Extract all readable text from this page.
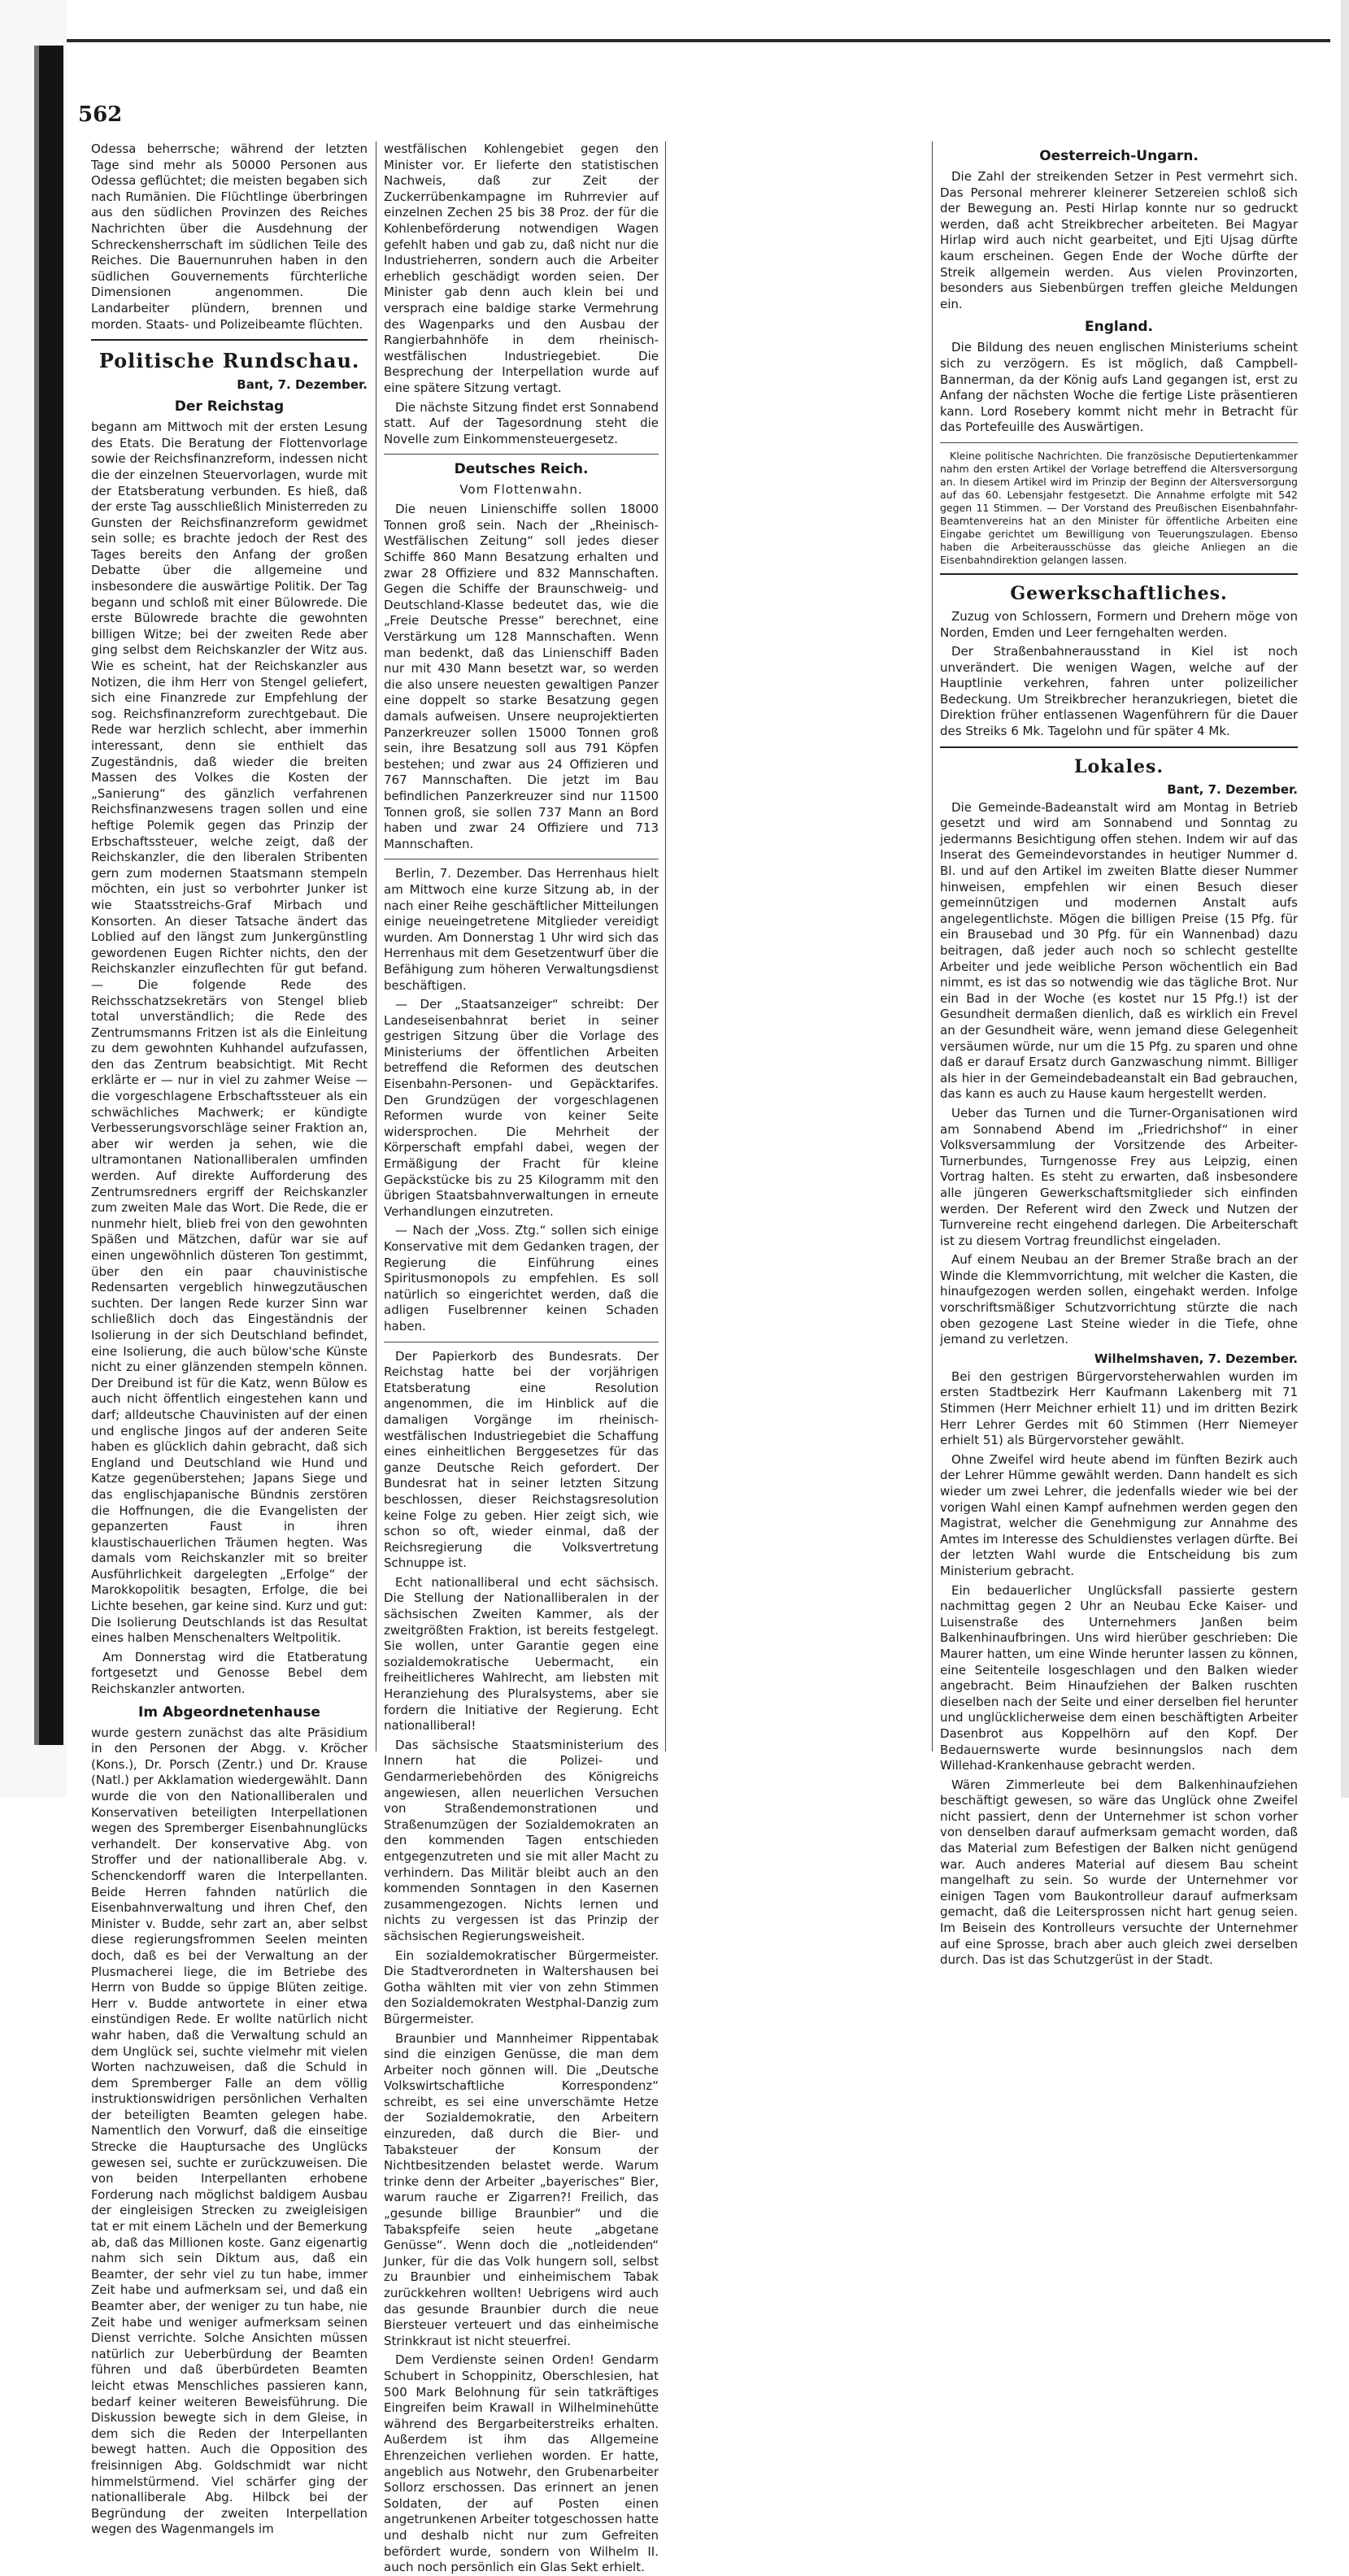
562

Odessa beherrsche; während der letzten Tage sind mehr als 50000 Personen aus Odessa geflüchtet; die meisten begaben sich nach Rumänien. Die Flüchtlinge überbringen aus den südlichen Provinzen des Reiches Nachrichten über die Ausdehnung der Schreckensherrschaft im südlichen Teile des Reiches. Die Bauernunruhen haben in den südlichen Gouvernements fürchterliche Dimensionen angenommen. Die Landarbeiter plündern, brennen und morden. Staats- und Polizeibeamte flüchten.

Politische Rundschau.
Bant, 7. Dezember.
Der Reichstag

begann am Mittwoch mit der ersten Lesung des Etats. Die Beratung der Flottenvorlage sowie der Reichsfinanzreform, indessen nicht die der einzelnen Steuervorlagen, wurde mit der Etatsberatung verbunden. Es hieß, daß der erste Tag ausschließlich Ministerreden zu Gunsten der Reichsfinanzreform gewidmet sein solle; es brachte jedoch der Rest des Tages bereits den Anfang der großen Debatte über die allgemeine und insbesondere die auswärtige Politik. Der Tag begann und schloß mit einer Bülowrede. Die erste Bülowrede brachte die gewohnten billigen Witze; bei der zweiten Rede aber ging selbst dem Reichskanzler der Witz aus. Wie es scheint, hat der Reichskanzler aus Notizen, die ihm Herr von Stengel geliefert, sich eine Finanzrede zur Empfehlung der sog. Reichsfinanzreform zurechtgebaut. Die Rede war herzlich schlecht, aber immerhin interessant, denn sie enthielt das Zugeständnis, daß wieder die breiten Massen des Volkes die Kosten der „Sanierung“ des gänzlich verfahrenen Reichsfinanzwesens tragen sollen und eine heftige Polemik gegen das Prinzip der Erbschaftssteuer, welche zeigt, daß der Reichskanzler, die den liberalen Stribenten gern zum modernen Staatsmann stempeln möchten, ein just so verbohrter Junker ist wie Staatsstreichs-Graf Mirbach und Konsorten. An dieser Tatsache ändert das Loblied auf den längst zum Junkergünstling gewordenen Eugen Richter nichts, den der Reichskanzler einzuflechten für gut befand. — Die folgende Rede des Reichsschatzsekretärs von Stengel blieb total unverständlich; die Rede des Zentrumsmanns Fritzen ist als die Einleitung zu dem gewohnten Kuhhandel aufzufassen, den das Zentrum beabsichtigt. Mit Recht erklärte er — nur in viel zu zahmer Weise — die vorgeschlagene Erbschaftssteuer als ein schwächliches Machwerk; er kündigte Verbesserungsvorschläge seiner Fraktion an, aber wir werden ja sehen, wie die ultramontanen Nationalliberalen umfinden werden. Auf direkte Aufforderung des Zentrumsredners ergriff der Reichskanzler zum zweiten Male das Wort. Die Rede, die er nunmehr hielt, blieb frei von den gewohnten Späßen und Mätzchen, dafür war sie auf einen ungewöhnlich düsteren Ton gestimmt, über den ein paar chauvinistische Redensarten vergeblich hinwegzutäuschen suchten. Der langen Rede kurzer Sinn war schließlich doch das Eingeständnis der Isolierung in der sich Deutschland befindet, eine Isolierung, die auch bülow'sche Künste nicht zu einer glänzenden stempeln können. Der Dreibund ist für die Katz, wenn Bülow es auch nicht öffentlich eingestehen kann und darf; alldeutsche Chauvinisten auf der einen und englische Jingos auf der anderen Seite haben es glücklich dahin gebracht, daß sich England und Deutschland wie Hund und Katze gegenüberstehen; Japans Siege und das englischjapanische Bündnis zerstören die Hoffnungen, die die Evangelisten der gepanzerten Faust in ihren klaustischauerlichen Träumen hegten. Was damals vom Reichskanzler mit so breiter Ausführlichkeit dargelegten „Erfolge“ der Marokkopolitik besagten, Erfolge, die bei Lichte besehen, gar keine sind. Kurz und gut: Die Isolierung Deutschlands ist das Resultat eines halben Menschenalters Weltpolitik.

Am Donnerstag wird die Etatberatung fortgesetzt und Genosse Bebel dem Reichskanzler antworten.

Im Abgeordnetenhause

wurde gestern zunächst das alte Präsidium in den Personen der Abgg. v. Kröcher (Kons.), Dr. Porsch (Zentr.) und Dr. Krause (Natl.) per Akklamation wiedergewählt. Dann wurde die von den Nationalliberalen und Konservativen beteiligten Interpellationen wegen des Spremberger Eisenbahnunglücks verhandelt. Der konservative Abg. von Stroffer und der nationalliberale Abg. v. Schenckendorff waren die Interpellanten. Beide Herren fahnden natürlich die Eisenbahnverwaltung und ihren Chef, den Minister v. Budde, sehr zart an, aber selbst diese regierungsfrommen Seelen meinten doch, daß es bei der Verwaltung an der Plusmacherei liege, die im Betriebe des Herrn von Budde so üppige Blüten zeitige. Herr v. Budde antwortete in einer etwa einstündigen Rede. Er wollte natürlich nicht wahr haben, daß die Verwaltung schuld an dem Unglück sei, suchte vielmehr mit vielen Worten nachzuweisen, daß die Schuld in dem Spremberger Falle an dem völlig instruktionswidrigen persönlichen Verhalten der beteiligten Beamten gelegen habe. Namentlich den Vorwurf, daß die einseitige Strecke die Hauptursache des Unglücks gewesen sei, suchte er zurückzuweisen. Die von beiden Interpellanten erhobene Forderung nach möglichst baldigem Ausbau der eingleisigen Strecken zu zweigleisigen tat er mit einem Lächeln und der Bemerkung ab, daß das Millionen koste. Ganz eigenartig nahm sich sein Diktum aus, daß ein Beamter, der sehr viel zu tun habe, immer Zeit habe und aufmerksam sei, und daß ein Beamter aber, der weniger zu tun habe, nie Zeit habe und weniger aufmerksam seinen Dienst verrichte. Solche Ansichten müssen natürlich zur Ueberbürdung der Beamten führen und daß überbürdeten Beamten leicht etwas Menschliches passieren kann, bedarf keiner weiteren Beweisführung. Die Diskussion bewegte sich in dem Gleise, in dem sich die Reden der Interpellanten bewegt hatten. Auch die Opposition des freisinnigen Abg. Goldschmidt war nicht himmelstürmend. Viel schärfer ging der nationalliberale Abg. Hilbck bei der Begründung der zweiten Interpellation wegen des Wagenmangels im

westfälischen Kohlengebiet gegen den Minister vor. Er lieferte den statistischen Nachweis, daß zur Zeit der Zuckerrübenkampagne im Ruhrrevier auf einzelnen Zechen 25 bis 38 Proz. der für die Kohlenbeförderung notwendigen Wagen gefehlt haben und gab zu, daß nicht nur die Industrieherren, sondern auch die Arbeiter erheblich geschädigt worden seien. Der Minister gab denn auch klein bei und versprach eine baldige starke Vermehrung des Wagenparks und den Ausbau der Rangierbahnhöfe in dem rheinisch-westfälischen Industriegebiet. Die Besprechung der Interpellation wurde auf eine spätere Sitzung vertagt.

Die nächste Sitzung findet erst Sonnabend statt. Auf der Tagesordnung steht die Novelle zum Einkommensteuergesetz.

Deutsches Reich.
Vom Flottenwahn.

Die neuen Linienschiffe sollen 18000 Tonnen groß sein. Nach der „Rheinisch-Westfälischen Zeitung“ soll jedes dieser Schiffe 860 Mann Besatzung erhalten und zwar 28 Offiziere und 832 Mannschaften. Gegen die Schiffe der Braunschweig- und Deutschland-Klasse bedeutet das, wie die „Freie Deutsche Presse“ berechnet, eine Verstärkung um 128 Mannschaften. Wenn man bedenkt, daß das Linienschiff Baden nur mit 430 Mann besetzt war, so werden die also unsere neuesten gewaltigen Panzer eine doppelt so starke Besatzung gegen damals aufweisen. Unsere neuprojektierten Panzerkreuzer sollen 15000 Tonnen groß sein, ihre Besatzung soll aus 791 Köpfen bestehen; und zwar aus 24 Offizieren und 767 Mannschaften. Die jetzt im Bau befindlichen Panzerkreuzer sind nur 11500 Tonnen groß, sie sollen 737 Mann an Bord haben und zwar 24 Offiziere und 713 Mannschaften.

Berlin, 7. Dezember. Das Herrenhaus hielt am Mittwoch eine kurze Sitzung ab, in der nach einer Reihe geschäftlicher Mitteilungen einige neueingetretene Mitglieder vereidigt wurden. Am Donnerstag 1 Uhr wird sich das Herrenhaus mit dem Gesetzentwurf über die Befähigung zum höheren Verwaltungsdienst beschäftigen.

— Der „Staatsanzeiger“ schreibt: Der Landeseisenbahnrat beriet in seiner gestrigen Sitzung über die Vorlage des Ministeriums der öffentlichen Arbeiten betreffend die Reformen des deutschen Eisenbahn-Personen- und Gepäcktarifes. Den Grundzügen der vorgeschlagenen Reformen wurde von keiner Seite widersprochen. Die Mehrheit der Körperschaft empfahl dabei, wegen der Ermäßigung der Fracht für kleine Gepäckstücke bis zu 25 Kilogramm mit den übrigen Staatsbahnverwaltungen in erneute Verhandlungen einzutreten.

— Nach der „Voss. Ztg.“ sollen sich einige Konservative mit dem Gedanken tragen, der Regierung die Einführung eines Spiritusmonopols zu empfehlen. Es soll natürlich so eingerichtet werden, daß die adligen Fuselbrenner keinen Schaden haben.

Der Papierkorb des Bundesrats. Der Reichstag hatte bei der vorjährigen Etatsberatung eine Resolution angenommen, die im Hinblick auf die damaligen Vorgänge im rheinisch-westfälischen Industriegebiet die Schaffung eines einheitlichen Berggesetzes für das ganze Deutsche Reich gefordert. Der Bundesrat hat in seiner letzten Sitzung beschlossen, dieser Reichstagsresolution keine Folge zu geben. Hier zeigt sich, wie schon so oft, wieder einmal, daß der Reichsregierung die Volksvertretung Schnuppe ist.

Echt nationalliberal und echt sächsisch. Die Stellung der Nationalliberalen in der sächsischen Zweiten Kammer, als der zweitgrößten Fraktion, ist bereits festgelegt. Sie wollen, unter Garantie gegen eine sozialdemokratische Uebermacht, ein freiheitlicheres Wahlrecht, am liebsten mit Heranziehung des Pluralsystems, aber sie fordern die Initiative der Regierung. Echt nationalliberal!

Das sächsische Staatsministerium des Innern hat die Polizei- und Gendarmeriebehörden des Königreichs angewiesen, allen neuerlichen Versuchen von Straßendemonstrationen und Straßenumzügen der Sozialdemokraten an den kommenden Tagen entschieden entgegenzutreten und sie mit aller Macht zu verhindern. Das Militär bleibt auch an den kommenden Sonntagen in den Kasernen zusammengezogen. Nichts lernen und nichts zu vergessen ist das Prinzip der sächsischen Regierungsweisheit.

Ein sozialdemokratischer Bürgermeister. Die Stadtverordneten in Waltershausen bei Gotha wählten mit vier von zehn Stimmen den Sozialdemokraten Westphal-Danzig zum Bürgermeister.

Braunbier und Mannheimer Rippentabak sind die einzigen Genüsse, die man dem Arbeiter noch gönnen will. Die „Deutsche Volkswirtschaftliche Korrespondenz“ schreibt, es sei eine unverschämte Hetze der Sozialdemokratie, den Arbeitern einzureden, daß durch die Bier- und Tabaksteuer der Konsum der Nichtbesitzenden belastet werde. Warum trinke denn der Arbeiter „bayerisches“ Bier, warum rauche er Zigarren?! Freilich, das „gesunde billige Braunbier“ und die Tabakspfeife seien heute „abgetane Genüsse“. Wenn doch die „notleidenden“ Junker, für die das Volk hungern soll, selbst zu Braunbier und einheimischem Tabak zurückkehren wollten! Uebrigens wird auch das gesunde Braunbier durch die neue Biersteuer verteuert und das einheimische Strinkkraut ist nicht steuerfrei.

Dem Verdienste seinen Orden! Gendarm Schubert in Schoppinitz, Oberschlesien, hat 500 Mark Belohnung für sein tatkräftiges Eingreifen beim Krawall in Wilhelminehütte während des Bergarbeiterstreiks erhalten. Außerdem ist ihm das Allgemeine Ehrenzeichen verliehen worden. Er hatte, angeblich aus Notwehr, den Grubenarbeiter Sollorz erschossen. Das erinnert an jenen Soldaten, der auf Posten einen angetrunkenen Arbeiter totgeschossen hatte und deshalb nicht nur zum Gefreiten befördert wurde, sondern von Wilhelm II. auch noch persönlich ein Glas Sekt erhielt.

Oesterreich-Ungarn.

Die Zahl der streikenden Setzer in Pest vermehrt sich. Das Personal mehrerer kleinerer Setzereien schloß sich der Bewegung an. Pesti Hirlap konnte nur so gedruckt werden, daß acht Streikbrecher arbeiteten. Bei Magyar Hirlap wird auch nicht gearbeitet, und Ejti Ujsag dürfte kaum erscheinen. Gegen Ende der Woche dürfte der Streik allgemein werden. Aus vielen Provinzorten, besonders aus Siebenbürgen treffen gleiche Meldungen ein.

England.

Die Bildung des neuen englischen Ministeriums scheint sich zu verzögern. Es ist möglich, daß Campbell-Bannerman, da der König aufs Land gegangen ist, erst zu Anfang der nächsten Woche die fertige Liste präsentieren kann. Lord Rosebery kommt nicht mehr in Betracht für das Portefeuille des Auswärtigen.

Kleine politische Nachrichten. Die französische Deputiertenkammer nahm den ersten Artikel der Vorlage betreffend die Altersversorgung an. In diesem Artikel wird im Prinzip der Beginn der Altersversorgung auf das 60. Lebensjahr festgesetzt. Die Annahme erfolgte mit 542 gegen 11 Stimmen. — Der Vorstand des Preußischen Eisenbahnfahr-Beamtenvereins hat an den Minister für öffentliche Arbeiten eine Eingabe gerichtet um Bewilligung von Teuerungszulagen. Ebenso haben die Arbeiterausschüsse das gleiche Anliegen an die Eisenbahndirektion gelangen lassen.

Gewerkschaftliches.

Zuzug von Schlossern, Formern und Drehern möge von Norden, Emden und Leer ferngehalten werden.

Der Straßenbahnerausstand in Kiel ist noch unverändert. Die wenigen Wagen, welche auf der Hauptlinie verkehren, fahren unter polizeilicher Bedeckung. Um Streikbrecher heranzukriegen, bietet die Direktion früher entlassenen Wagenführern für die Dauer des Streiks 6 Mk. Tagelohn und für später 4 Mk.

Lokales.
Bant, 7. Dezember.

Die Gemeinde-Badeanstalt wird am Montag in Betrieb gesetzt und wird am Sonnabend und Sonntag zu jedermanns Besichtigung offen stehen. Indem wir auf das Inserat des Gemeindevorstandes in heutiger Nummer d. Bl. und auf den Artikel im zweiten Blatte dieser Nummer hinweisen, empfehlen wir einen Besuch dieser gemeinnützigen und modernen Anstalt aufs angelegentlichste. Mögen die billigen Preise (15 Pfg. für ein Brausebad und 30 Pfg. für ein Wannenbad) dazu beitragen, daß jeder auch noch so schlecht gestellte Arbeiter und jede weibliche Person wöchentlich ein Bad nimmt, es ist das so notwendig wie das tägliche Brot. Nur ein Bad in der Woche (es kostet nur 15 Pfg.!) ist der Gesundheit dermaßen dienlich, daß es wirklich ein Frevel an der Gesundheit wäre, wenn jemand diese Gelegenheit versäumen würde, nur um die 15 Pfg. zu sparen und ohne daß er darauf Ersatz durch Ganzwaschung nimmt. Billiger als hier in der Gemeindebadeanstalt ein Bad gebrauchen, das kann es auch zu Hause kaum hergestellt werden.

Ueber das Turnen und die Turner-Organisationen wird am Sonnabend Abend im „Friedrichshof“ in einer Volksversammlung der Vorsitzende des Arbeiter-Turnerbundes, Turngenosse Frey aus Leipzig, einen Vortrag halten. Es steht zu erwarten, daß insbesondere alle jüngeren Gewerkschaftsmitglieder sich einfinden werden. Der Referent wird den Zweck und Nutzen der Turnvereine recht eingehend darlegen. Die Arbeiterschaft ist zu diesem Vortrag freundlichst eingeladen.

Auf einem Neubau an der Bremer Straße brach an der Winde die Klemmvorrichtung, mit welcher die Kasten, die hinaufgezogen werden sollen, eingehakt werden. Infolge vorschriftsmäßiger Schutzvorrichtung stürzte die nach oben gezogene Last Steine wieder in die Tiefe, ohne jemand zu verletzen.

Wilhelmshaven, 7. Dezember.

Bei den gestrigen Bürgervorsteherwahlen wurden im ersten Stadtbezirk Herr Kaufmann Lakenberg mit 71 Stimmen (Herr Meichner erhielt 11) und im dritten Bezirk Herr Lehrer Gerdes mit 60 Stimmen (Herr Niemeyer erhielt 51) als Bürgervorsteher gewählt.

Ohne Zweifel wird heute abend im fünften Bezirk auch der Lehrer Hümme gewählt werden. Dann handelt es sich wieder um zwei Lehrer, die jedenfalls wieder wie bei der vorigen Wahl einen Kampf aufnehmen werden gegen den Magistrat, welcher die Genehmigung zur Annahme des Amtes im Interesse des Schuldienstes verlagen dürfte. Bei der letzten Wahl wurde die Entscheidung bis zum Ministerium gebracht.

Ein bedauerlicher Unglücksfall passierte gestern nachmittag gegen 2 Uhr an Neubau Ecke Kaiser- und Luisenstraße des Unternehmers Janßen beim Balkenhinaufbringen. Uns wird hierüber geschrieben: Die Maurer hatten, um eine Winde herunter lassen zu können, eine Seitenteile losgeschlagen und den Balken wieder angebracht. Beim Hinaufziehen der Balken ruschten dieselben nach der Seite und einer derselben fiel herunter und unglücklicherweise dem einen beschäftigten Arbeiter Dasenbrot aus Koppelhörn auf den Kopf. Der Bedauernswerte wurde besinnungslos nach dem Willehad-Krankenhause gebracht werden.

Wären Zimmerleute bei dem Balkenhinaufziehen beschäftigt gewesen, so wäre das Unglück ohne Zweifel nicht passiert, denn der Unternehmer ist schon vorher von denselben darauf aufmerksam gemacht worden, daß das Material zum Befestigen der Balken nicht genügend war. Auch anderes Material auf diesem Bau scheint mangelhaft zu sein. So wurde der Unternehmer vor einigen Tagen vom Baukontrolleur darauf aufmerksam gemacht, daß die Leitersprossen nicht hart genug seien. Im Beisein des Kontrolleurs versuchte der Unternehmer auf eine Sprosse, brach aber auch gleich zwei derselben durch. Das ist das Schutzgerüst in der Stadt.
